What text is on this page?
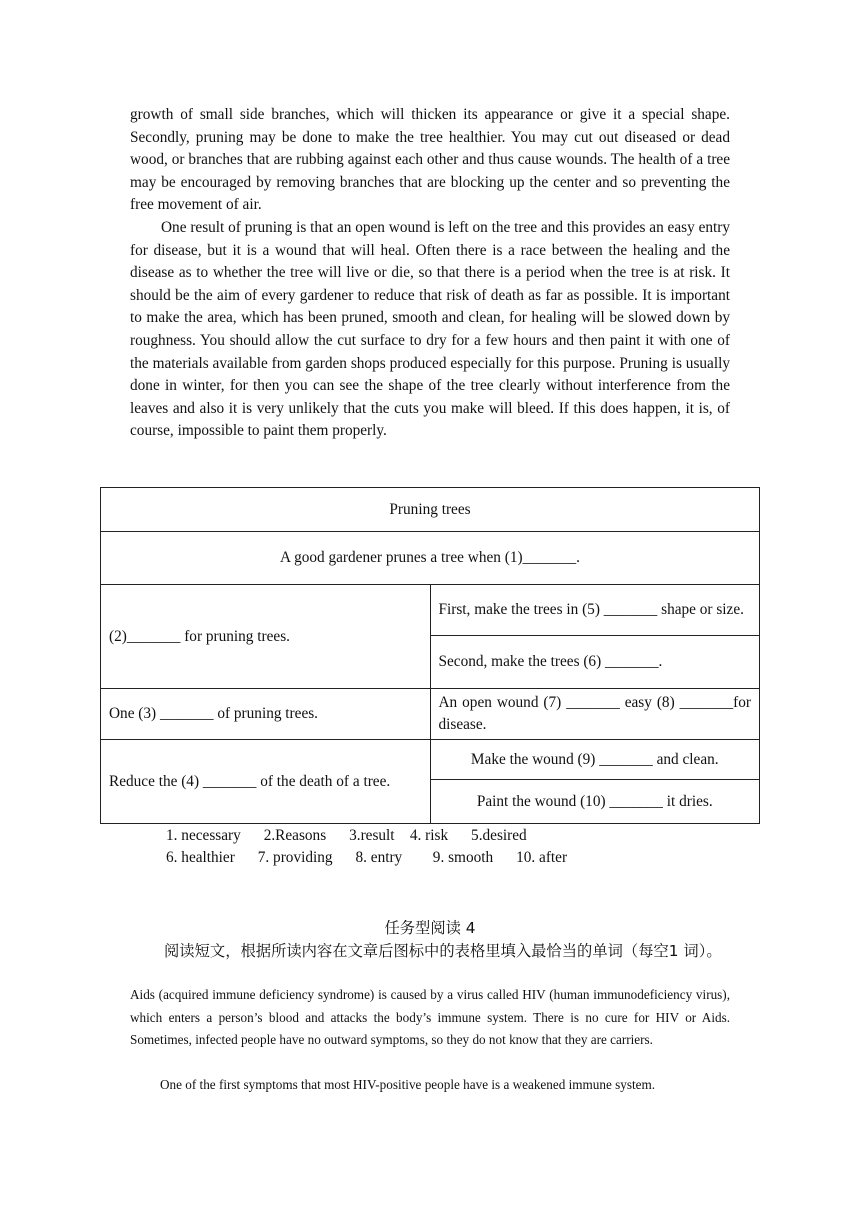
growth of small side branches, which will thicken its appearance or give it a special shape. Secondly, pruning may be done to make the tree healthier. You may cut out diseased or dead wood, or branches that are rubbing against each other and thus cause wounds. The health of a tree may be encouraged by removing branches that are blocking up the center and so preventing the free movement of air.

One result of pruning is that an open wound is left on the tree and this provides an easy entry for disease, but it is a wound that will heal. Often there is a race between the healing and the disease as to whether the tree will live or die, so that there is a period when the tree is at risk. It should be the aim of every gardener to reduce that risk of death as far as possible. It is important to make the area, which has been pruned, smooth and clean, for healing will be slowed down by roughness. You should allow the cut surface to dry for a few hours and then paint it with one of the materials available from garden shops produced especially for this purpose. Pruning is usually done in winter, for then you can see the shape of the tree clearly without interference from the leaves and also it is very unlikely that the cuts you make will bleed. If this does happen, it is, of course, impossible to paint them properly.

Pruning trees	
A good gardener prunes a tree when (1)_______.	
(2)_______ for pruning trees.	First, make the trees in (5) _______ shape or size.
	Second, make the trees (6) _______.
One (3) _______ of pruning trees.	An open wound (7) _______ easy (8) _______for disease.
Reduce the (4) _______ of the death of a tree.	Make the wound (9) _______ and clean.
	Paint the wound (10) _______ it dries.

1. necessary      2.Reasons      3.result    4. risk      5.desired

6. healthier      7. providing      8. entry        9. smooth      10. after

任务型阅读 4

阅读短文，根据所读内容在文章后图标中的表格里填入最恰当的单词（每空1 词）。

Aids (acquired immune deficiency syndrome) is caused by a virus called HIV (human immunodeficiency virus), which enters a person’s blood and attacks the body’s immune system. There is no cure for HIV or Aids. Sometimes, infected people have no outward symptoms, so they do not know that they are carriers.

One of the first symptoms that most HIV-positive people have is a weakened immune system.
